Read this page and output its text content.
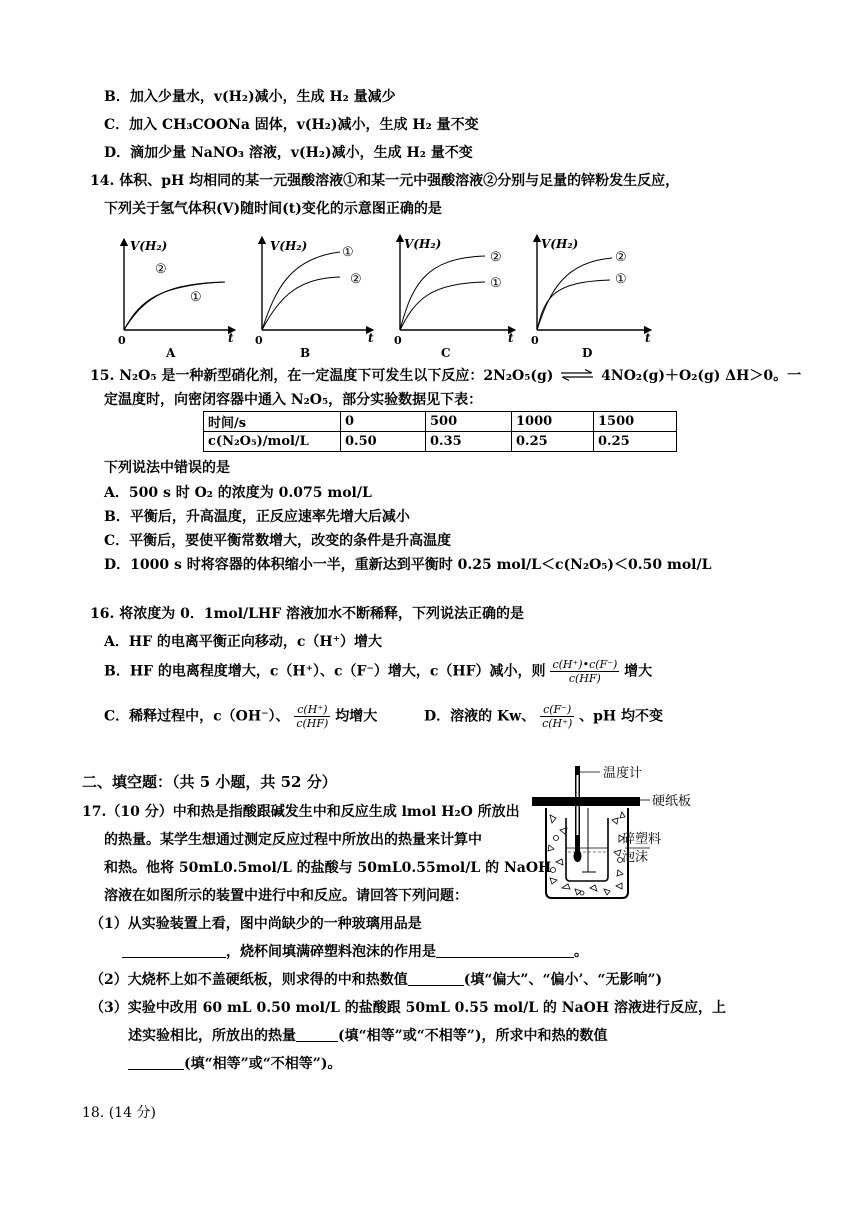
B．加入少量水，v(H₂)减小，生成 H₂ 量减少
C．加入 CH₃COONa 固体，v(H₂)减小，生成 H₂ 量不变
D．滴加少量 NaNO₃ 溶液，v(H₂)减小，生成 H₂ 量不变
14. 体积、pH 均相同的某一元强酸溶液①和某一元中强酸溶液②分别与足量的锌粉发生反应，
下列关于氢气体积(V)随时间(t)变化的示意图正确的是
V(H₂)
0	t
②
①
A
V(H₂)
0	t
①
②
B
V(H₂)
0	t
②
①
C
V(H₂)
0	t
②
①
D
15. N₂O₅ 是一种新型硝化剂，在一定温度下可发生以下反应：2N₂O₅(g) ⇌ 4NO₂(g)＋O₂(g) ΔH＞0。一
定温度时，向密闭容器中通入 N₂O₅，部分实验数据见下表：
时间/s	0	500	1000	1500
c(N₂O₅)/mol/L	0.50	0.35	0.25	0.25
下列说法中错误的是
A．500 s 时 O₂ 的浓度为 0.075 mol/L
B．平衡后，升高温度，正反应速率先增大后减小
C．平衡后，要使平衡常数增大，改变的条件是升高温度
D．1000 s 时将容器的体积缩小一半，重新达到平衡时 0.25 mol/L＜c(N₂O₅)＜0.50 mol/L
16. 将浓度为 0．1mol/LHF 溶液加水不断稀释，下列说法正确的是
A．HF 的电离平衡正向移动，c（H⁺）增大
B．HF 的电离程度增大，c（H⁺）、c（F⁻）增大，c（HF）减小，则 $\frac{c(H^+)•c(F^-)}{c(HF)}$ 增大
C．稀释过程中，c（OH⁻）、 $\frac{c(H^+)}{c(HF)}$ 均增大	D．溶液的 Kw、 $\frac{c(F^-)}{c(H^+)}$ 、pH 均不变
二、填空题：（共 5 小题，共 52 分）
17.（10 分）中和热是指酸跟碱发生中和反应生成 lmol H₂O 所放出
的热量。某学生想通过测定反应过程中所放出的热量来计算中
和热。他将 50mL0.5mol/L 的盐酸与 50mL0.55mol/L 的 NaOH
溶液在如图所示的装置中进行中和反应。请回答下列问题：
温度计
硬纸板
碎塑料
泡沫
（1）从实验装置上看，图中尚缺少的一种玻璃用品是
，烧杯间填满碎塑料泡沫的作用是	。
（2）大烧杯上如不盖硬纸板，则求得的中和热数值	(填“偏大”、“偏小’、“无影响”)
（3）实验中改用 60 mL 0.50 mol/L 的盐酸跟 50mL 0.55 mol/L 的 NaOH 溶液进行反应，上
述实验相比，所放出的热量	(填“相等”或“不相等”)，所求中和热的数值
(填“相等”或“不相等”)。
18. (14 分)
